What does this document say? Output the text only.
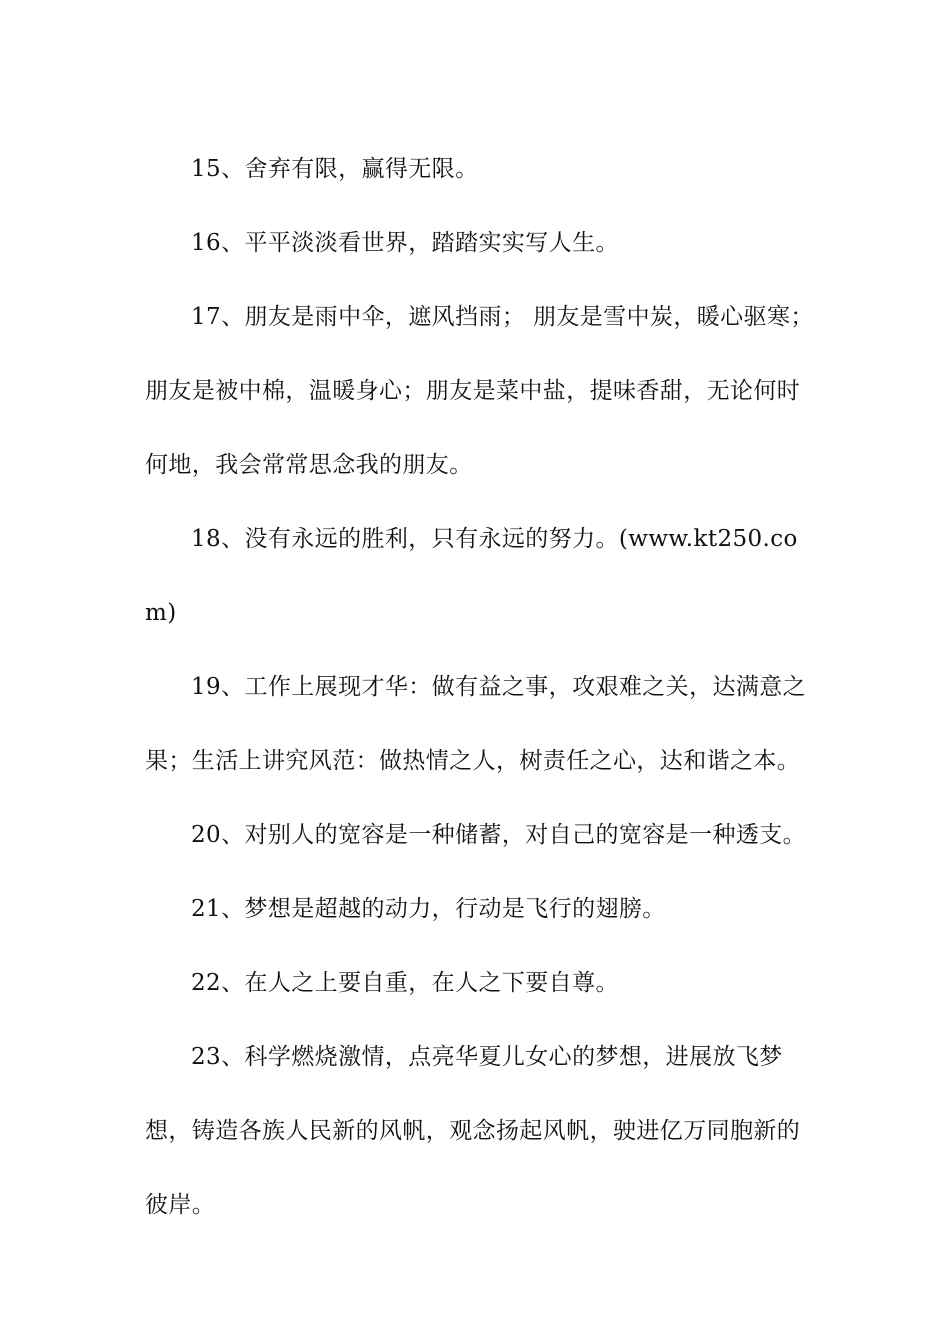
15、舍弃有限，赢得无限。

16、平平淡淡看世界，踏踏实实写人生。

17、朋友是雨中伞，遮风挡雨； 朋友是雪中炭，暖心驱寒；朋友是被中棉，温暖身心；朋友是菜中盐，提味香甜，无论何时何地，我会常常思念我的朋友。

18、没有永远的胜利，只有永远的努力。(www.kt250.com)

19、工作上展现才华：做有益之事，攻艰难之关，达满意之果；生活上讲究风范：做热情之人，树责任之心，达和谐之本。

20、对别人的宽容是一种储蓄，对自己的宽容是一种透支。

21、梦想是超越的动力，行动是飞行的翅膀。

22、在人之上要自重，在人之下要自尊。

23、科学燃烧激情，点亮华夏儿女心的梦想，进展放飞梦想，铸造各族人民新的风帆，观念扬起风帆，驶进亿万同胞新的彼岸。
